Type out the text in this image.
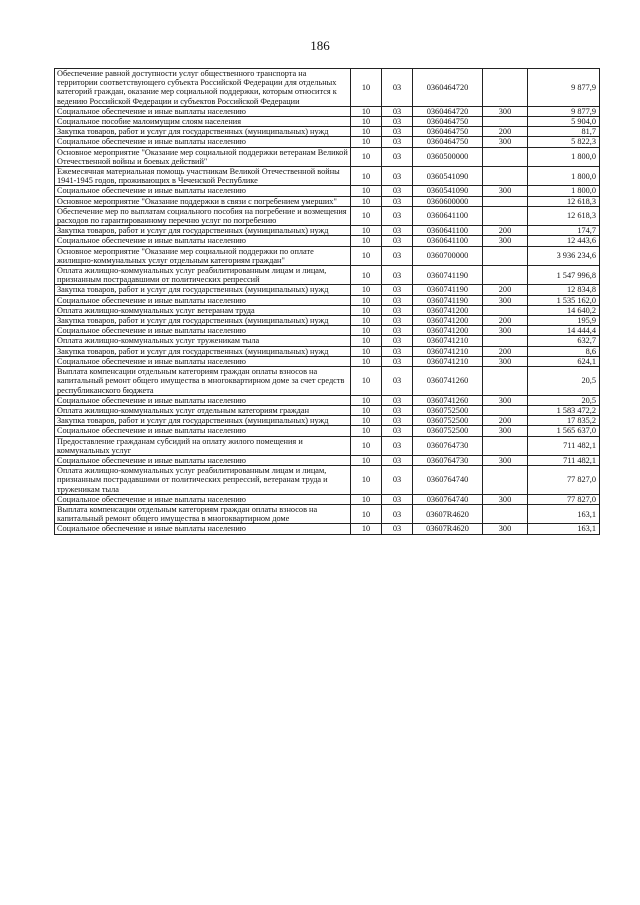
186
Обеспечение равной доступности услуг общественного транспорта на территории соответствующего субъекта Российской Федерации для отдельных категорий граждан, оказание мер социальной поддержки, которым относится к ведению Российской Федерации и субъектов Российской Федерации	10	03	0360464720		9 877,9
Социальное обеспечение и иные выплаты населению	10	03	0360464720	300	9 877,9
Социальное пособие малоимущим слоям населения	10	03	0360464750		5 904,0
Закупка товаров, работ и услуг для государственных (муниципальных) нужд	10	03	0360464750	200	81,7
Социальное обеспечение и иные выплаты населению	10	03	0360464750	300	5 822,3
Основное мероприятие "Оказание мер социальной поддержки ветеранам Великой Отечественной войны и боевых действий"	10	03	0360500000		1 800,0
Ежемесячная материальная помощь участникам Великой Отечественной войны 1941-1945 годов, проживающих в Чеченской Республике	10	03	0360541090		1 800,0
Социальное обеспечение и иные выплаты населению	10	03	0360541090	300	1 800,0
Основное мероприятие "Оказание поддержки в связи с погребением умерших"	10	03	0360600000		12 618,3
Обеспечение мер по выплатам социального пособия на погребение и возмещения расходов по гарантированному перечню услуг по погребению	10	03	0360641100		12 618,3
Закупка товаров, работ и услуг для государственных (муниципальных) нужд	10	03	0360641100	200	174,7
Социальное обеспечение и иные выплаты населению	10	03	0360641100	300	12 443,6
Основное мероприятие "Оказание мер социальной поддержки по оплате жилищно-коммунальных услуг отдельным категориям граждан"	10	03	0360700000		3 936 234,6
Оплата жилищно-коммунальных услуг реабилитированным лицам и лицам, признанным пострадавшими от политических репрессий	10	03	0360741190		1 547 996,8
Закупка товаров, работ и услуг для государственных (муниципальных) нужд	10	03	0360741190	200	12 834,8
Социальное обеспечение и иные выплаты населению	10	03	0360741190	300	1 535 162,0
Оплата жилищно-коммунальных услуг ветеранам труда	10	03	0360741200		14 640,2
Закупка товаров, работ и услуг для государственных (муниципальных) нужд	10	03	0360741200	200	195,9
Социальное обеспечение и иные выплаты населению	10	03	0360741200	300	14 444,4
Оплата жилищно-коммунальных услуг труженикам тыла	10	03	0360741210		632,7
Закупка товаров, работ и услуг для государственных (муниципальных) нужд	10	03	0360741210	200	8,6
Социальное обеспечение и иные выплаты населению	10	03	0360741210	300	624,1
Выплата компенсации отдельным категориям граждан оплаты взносов на капитальный ремонт общего имущества в многоквартирном доме за счет средств республиканского бюджета	10	03	0360741260		20,5
Социальное обеспечение и иные выплаты населению	10	03	0360741260	300	20,5
Оплата жилищно-коммунальных услуг отдельным категориям граждан	10	03	0360752500		1 583 472,2
Закупка товаров, работ и услуг для государственных (муниципальных) нужд	10	03	0360752500	200	17 835,2
Социальное обеспечение и иные выплаты населению	10	03	0360752500	300	1 565 637,0
Предоставление гражданам субсидий на оплату жилого помещения и коммунальных услуг	10	03	0360764730		711 482,1
Социальное обеспечение и иные выплаты населению	10	03	0360764730	300	711 482,1
Оплата жилищно-коммунальных услуг реабилитированным лицам и лицам, признанным пострадавшими от политических репрессий, ветеранам труда и труженикам тыла	10	03	0360764740		77 827,0
Социальное обеспечение и иные выплаты населению	10	03	0360764740	300	77 827,0
Выплата компенсации отдельным категориям граждан оплаты взносов на капитальный ремонт общего имущества в многоквартирном доме	10	03	03607R4620		163,1
Социальное обеспечение и иные выплаты населению	10	03	03607R4620	300	163,1
